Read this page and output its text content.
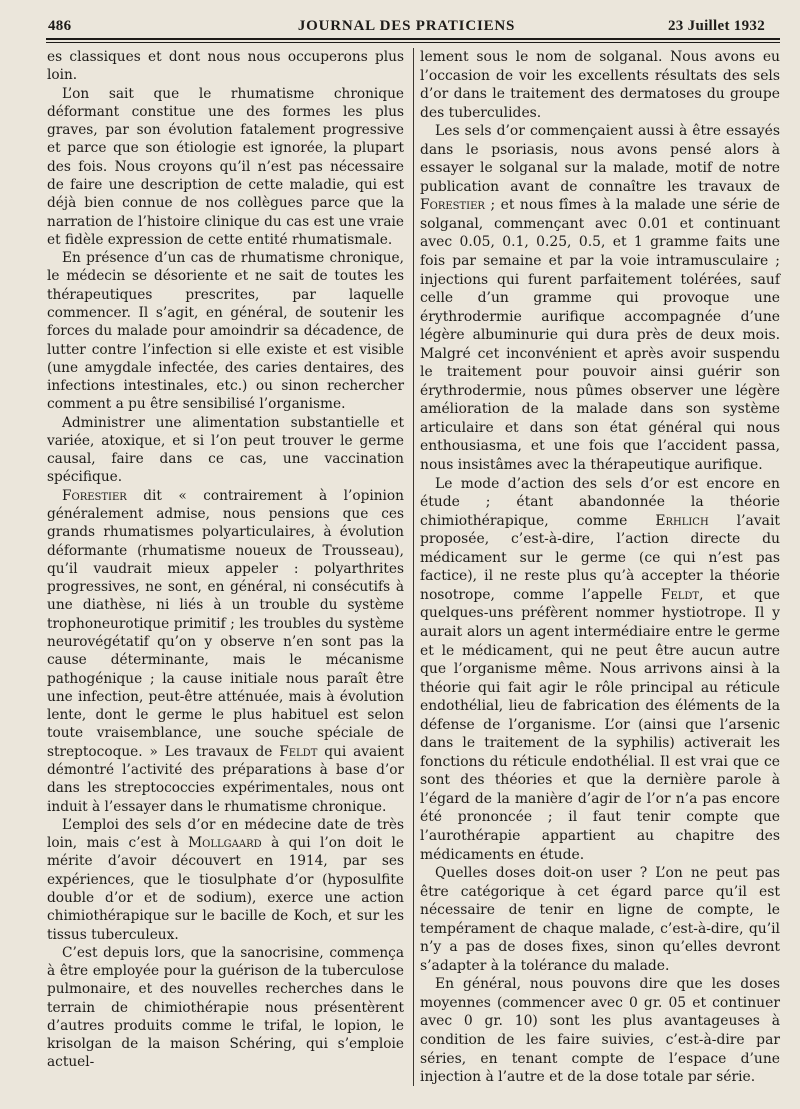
486	JOURNAL DES PRATICIENS	23 Juillet 1932

es classiques et dont nous nous occuperons plus loin.

L’on sait que le rhumatisme chronique déformant constitue une des formes les plus graves, par son évolution fatalement progressive et parce que son étiologie est ignorée, la plupart des fois. Nous croyons qu’il n’est pas nécessaire de faire une description de cette maladie, qui est déjà bien connue de nos collègues parce que la narration de l’histoire clinique du cas est une vraie et fidèle expression de cette entité rhumatismale.

En présence d’un cas de rhumatisme chronique, le médecin se désoriente et ne sait de toutes les thérapeutiques prescrites, par laquelle commencer. Il s’agit, en général, de soutenir les forces du malade pour amoindrir sa décadence, de lutter contre l’infection si elle existe et est visible (une amygdale infectée, des caries dentaires, des infections intestinales, etc.) ou sinon rechercher comment a pu être sensibilisé l’organisme.

Administrer une alimentation substantielle et variée, atoxique, et si l’on peut trouver le germe causal, faire dans ce cas, une vaccination spécifique.

Forestier dit « contrairement à l’opinion généralement admise, nous pensions que ces grands rhumatismes polyarticulaires, à évolution déformante (rhumatisme noueux de Trousseau), qu’il vaudrait mieux appeler : polyarthrites progressives, ne sont, en général, ni consécutifs à une diathèse, ni liés à un trouble du système trophoneurotique primitif ; les troubles du système neurovégétatif qu’on y observe n’en sont pas la cause déterminante, mais le mécanisme pathogénique ; la cause initiale nous paraît être une infection, peut-être atténuée, mais à évolution lente, dont le germe le plus habituel est selon toute vraisemblance, une souche spéciale de streptocoque. » Les travaux de Feldt qui avaient démontré l’activité des préparations à base d’or dans les streptococcies expérimentales, nous ont induit à l’essayer dans le rhumatisme chronique.

L’emploi des sels d’or en médecine date de très loin, mais c’est à Mollgaard à qui l’on doit le mérite d’avoir découvert en 1914, par ses expériences, que le tiosulphate d’or (hyposulfite double d’or et de sodium), exerce une action chimiothérapique sur le bacille de Koch, et sur les tissus tuberculeux.

C’est depuis lors, que la sanocrisine, commença à être employée pour la guérison de la tuberculose pulmonaire, et des nouvelles recherches dans le terrain de chimiothérapie nous présentèrent d’autres produits comme le trifal, le lopion, le krisolgan de la maison Schéring, qui s’emploie actuel-

lement sous le nom de solganal. Nous avons eu l’occasion de voir les excellents résultats des sels d’or dans le traitement des dermatoses du groupe des tuberculides.

Les sels d’or commençaient aussi à être essayés dans le psoriasis, nous avons pensé alors à essayer le solganal sur la malade, motif de notre publication avant de connaître les travaux de Forestier ; et nous fîmes à la malade une série de solganal, commençant avec 0.01 et continuant avec 0.05, 0.1, 0.25, 0.5, et 1 gramme faits une fois par semaine et par la voie intramusculaire ; injections qui furent parfaitement tolérées, sauf celle d’un gramme qui provoque une érythrodermie aurifique accompagnée d’une légère albuminurie qui dura près de deux mois. Malgré cet inconvénient et après avoir suspendu le traitement pour pouvoir ainsi guérir son érythrodermie, nous pûmes observer une légère amélioration de la malade dans son système articulaire et dans son état général qui nous enthousiasma, et une fois que l’accident passa, nous insistâmes avec la thérapeutique aurifique.

Le mode d’action des sels d’or est encore en étude ; étant abandonnée la théorie chimiothérapique, comme Erhlich l’avait proposée, c’est-à-dire, l’action directe du médicament sur le germe (ce qui n’est pas factice), il ne reste plus qu’à accepter la théorie nosotrope, comme l’appelle Feldt, et que quelques-uns préfèrent nommer hystiotrope. Il y aurait alors un agent intermédiaire entre le germe et le médicament, qui ne peut être aucun autre que l’organisme même. Nous arrivons ainsi à la théorie qui fait agir le rôle principal au réticule endothélial, lieu de fabrication des éléments de la défense de l’organisme. L’or (ainsi que l’arsenic dans le traitement de la syphilis) activerait les fonctions du réticule endothélial. Il est vrai que ce sont des théories et que la dernière parole à l’égard de la manière d’agir de l’or n’a pas encore été prononcée ; il faut tenir compte que l’aurothérapie appartient au chapitre des médicaments en étude.

Quelles doses doit-on user ? L’on ne peut pas être catégorique à cet égard parce qu’il est nécessaire de tenir en ligne de compte, le tempérament de chaque malade, c’est-à-dire, qu’il n’y a pas de doses fixes, sinon qu’elles devront s’adapter à la tolérance du malade.

En général, nous pouvons dire que les doses moyennes (commencer avec 0 gr. 05 et continuer avec 0 gr. 10) sont les plus avantageuses à condition de les faire suivies, c’est-à-dire par séries, en tenant compte de l’espace d’une injection à l’autre et de la dose totale par série.
